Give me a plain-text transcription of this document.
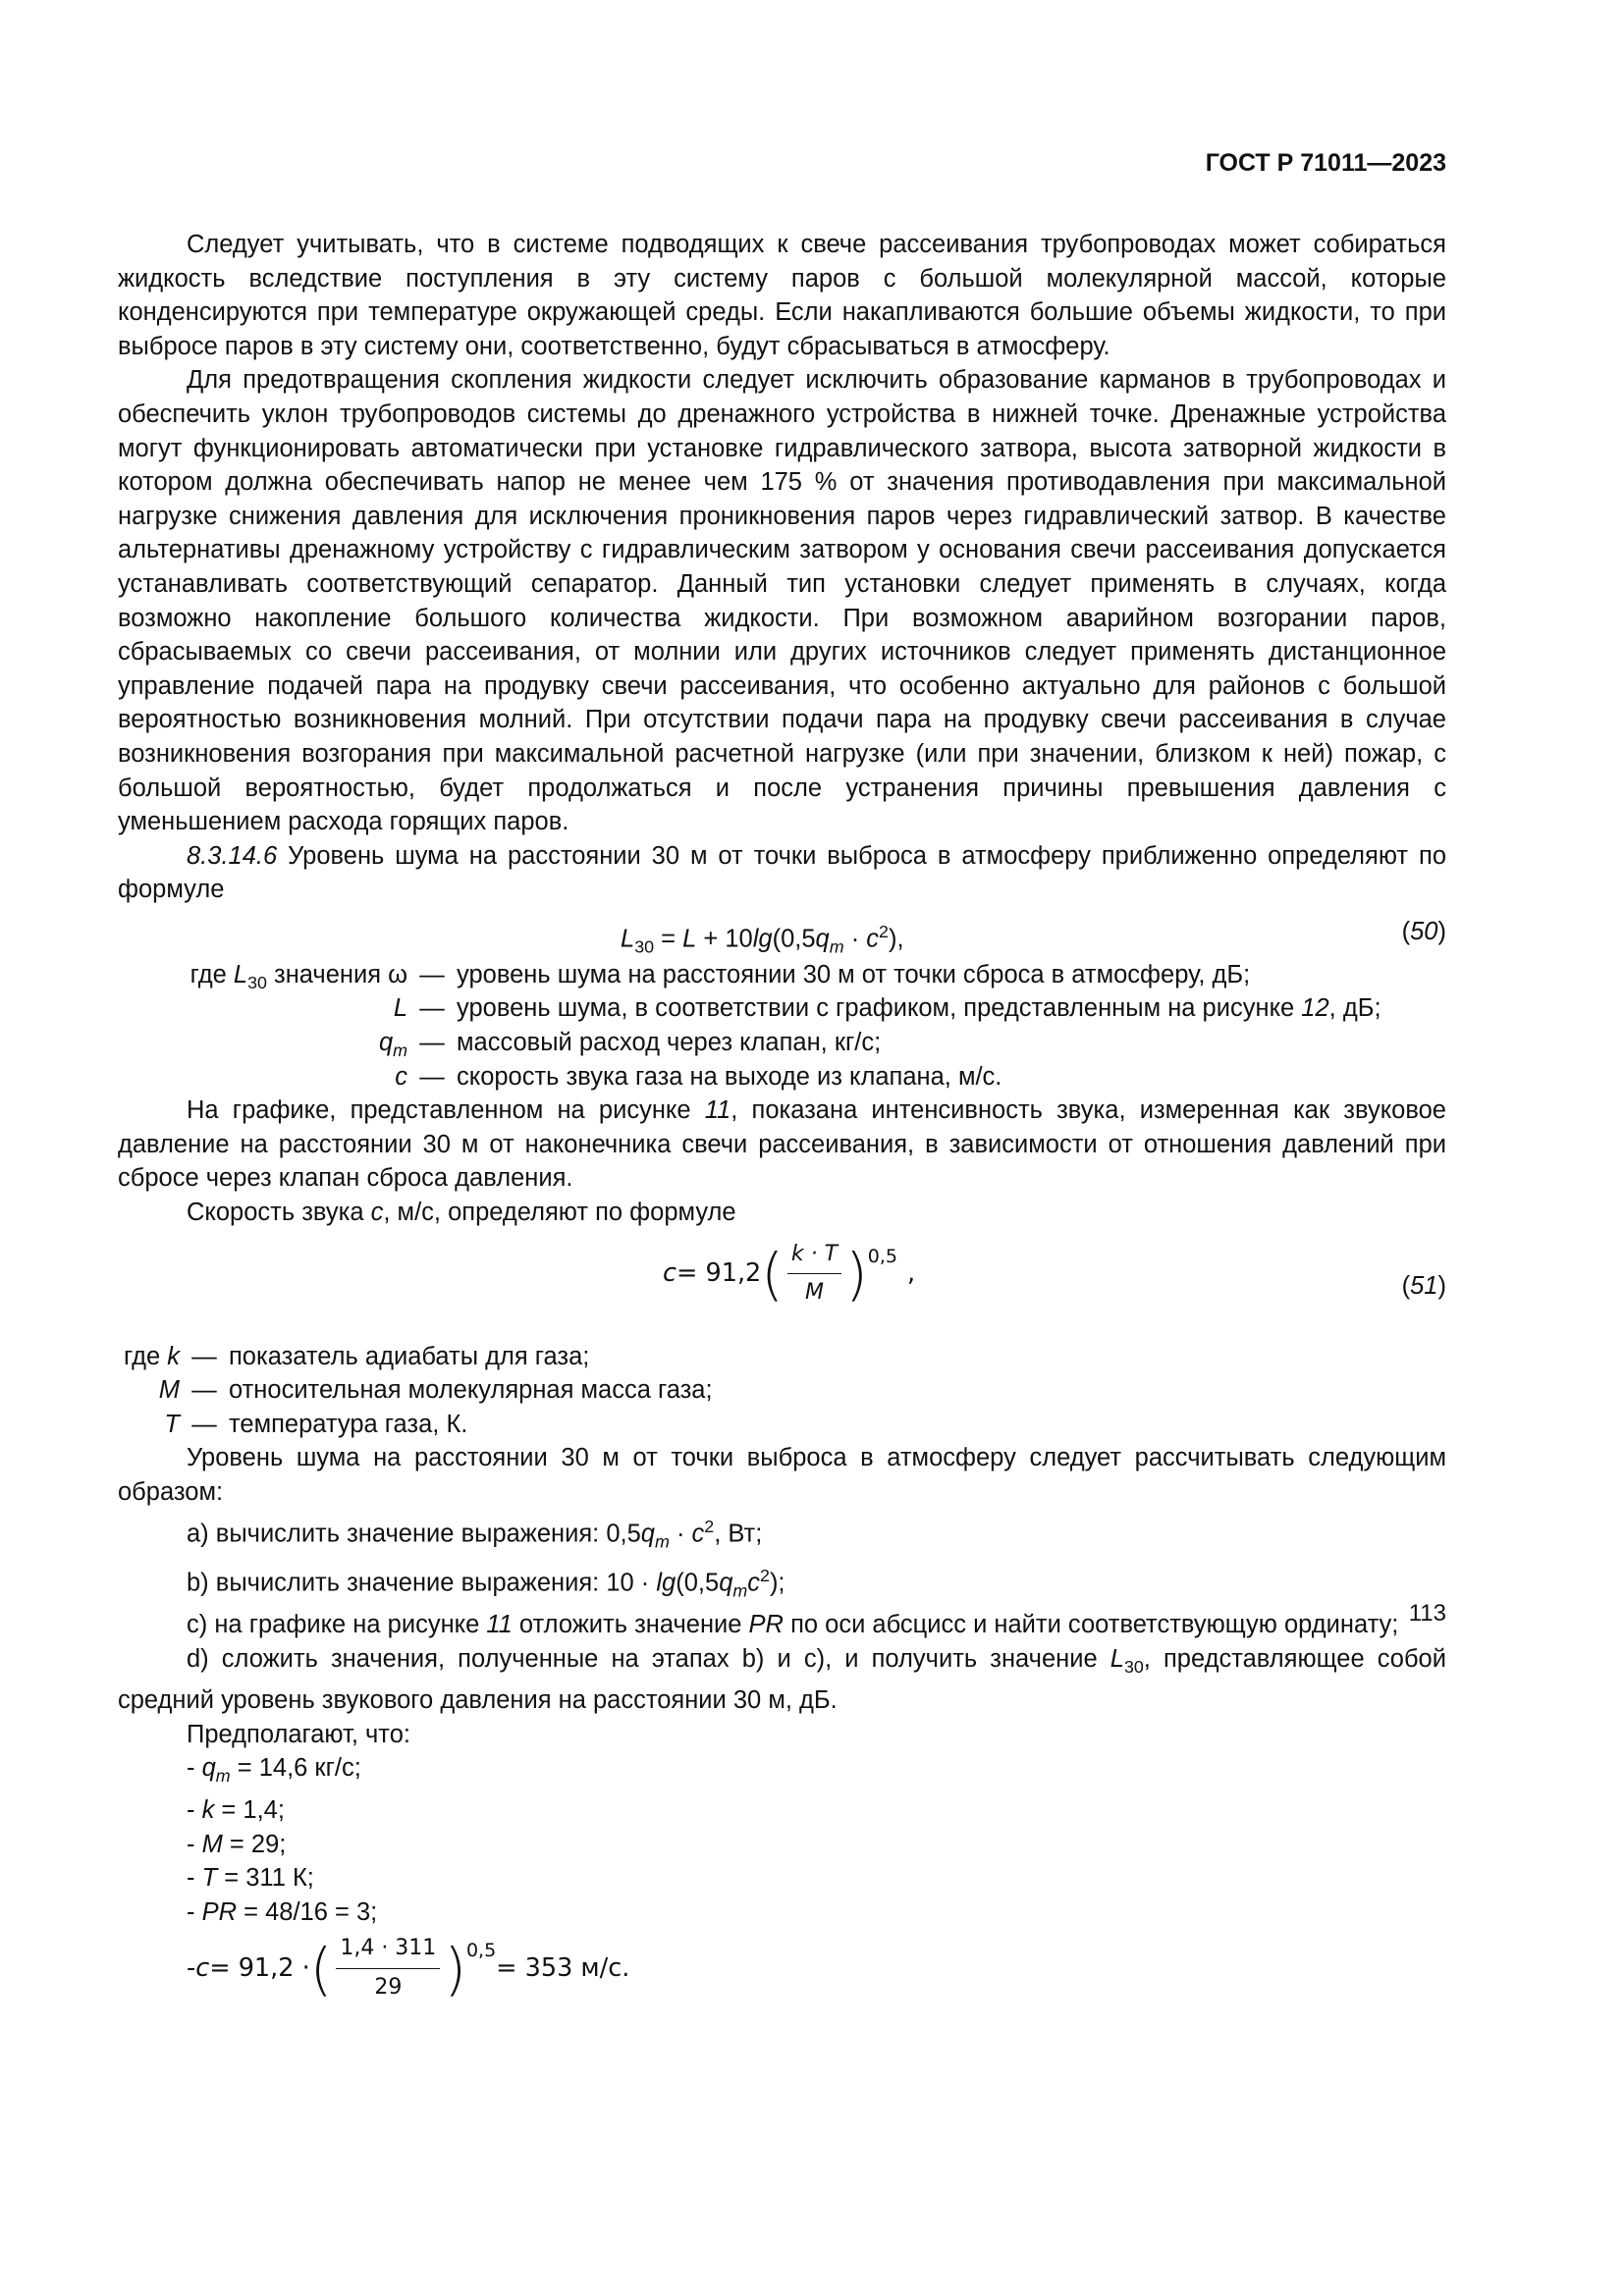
ГОСТ Р 71011—2023

Следует учитывать, что в системе подводящих к свече рассеивания трубопроводах может собираться жидкость вследствие поступления в эту систему паров с большой молекулярной массой, которые конденсируются при температуре окружающей среды. Если накапливаются большие объемы жидкости, то при выбросе паров в эту систему они, соответственно, будут сбрасываться в атмосферу.

Для предотвращения скопления жидкости следует исключить образование карманов в трубопроводах и обеспечить уклон трубопроводов системы до дренажного устройства в нижней точке. Дренажные устройства могут функционировать автоматически при установке гидравлического затвора, высота затворной жидкости в котором должна обеспечивать напор не менее чем 175 % от значения противодавления при максимальной нагрузке снижения давления для исключения проникновения паров через гидравлический затвор. В качестве альтернативы дренажному устройству с гидравлическим затвором у основания свечи рассеивания допускается устанавливать соответствующий сепаратор. Данный тип установки следует применять в случаях, когда возможно накопление большого количества жидкости. При возможном аварийном возгорании паров, сбрасываемых со свечи рассеивания, от молнии или других источников следует применять дистанционное управление подачей пара на продувку свечи рассеивания, что особенно актуально для районов с большой вероятностью возникновения молний. При отсутствии подачи пара на продувку свечи рассеивания в случае возникновения возгорания при максимальной расчетной нагрузке (или при значении, близком к ней) пожар, с большой вероятностью, будет продолжаться и после устранения причины превышения давления с уменьшением расхода горящих паров.

8.3.14.6 Уровень шума на расстоянии 30 м от точки выброса в атмосферу приближенно определяют по формуле

$L_{30} = L + 10\lg(0,5q_m \cdot c^2)$,	(50)
где $L_{30}$ значения ω — уровень шума на расстоянии 30 м от точки сброса в атмосферу, дБ;
L — уровень шума, в соответствии с графиком, представленным на рисунке 12, дБ;
$q_m$ — массовый расход через клапан, кг/с;
c — скорость звука газа на выходе из клапана, м/с.

На графике, представленном на рисунке 11, показана интенсивность звука, измеренная как звуковое давление на расстоянии 30 м от наконечника свечи рассеивания, в зависимости от отношения давлений при сбросе через клапан сброса давления.

Скорость звука c, м/с, определяют по формуле

c = 91,2 ( $\frac{k \cdot T}{M}$ ) 0,5
,	(51)
где k — показатель адиабаты для газа;
M — относительная молекулярная масса газа;
T — температура газа, К.

Уровень шума на расстоянии 30 м от точки выброса в атмосферу следует рассчитывать следующим образом:

a) вычислить значение выражения: $0,5q_m \cdot c^2$, Вт;

b) вычислить значение выражения: $10 \cdot \lg(0,5q_mc^2)$;

c) на графике на рисунке 11 отложить значение PR по оси абсцисс и найти соответствующую ординату;

d) сложить значения, полученные на этапах b) и c), и получить значение $L_{30}$, представляющее собой средний уровень звукового давления на расстоянии 30 м, дБ.

Предполагают, что:

- $q_m = 14,6$ кг/с;
- k = 1,4;
- M = 29;
- T = 311 К;
- PR = 48/16 = 3;
- c = 91,2 · ( $\frac{1,4 \cdot 311}{29}$ ) 0,5
= 353 м/с.
113
